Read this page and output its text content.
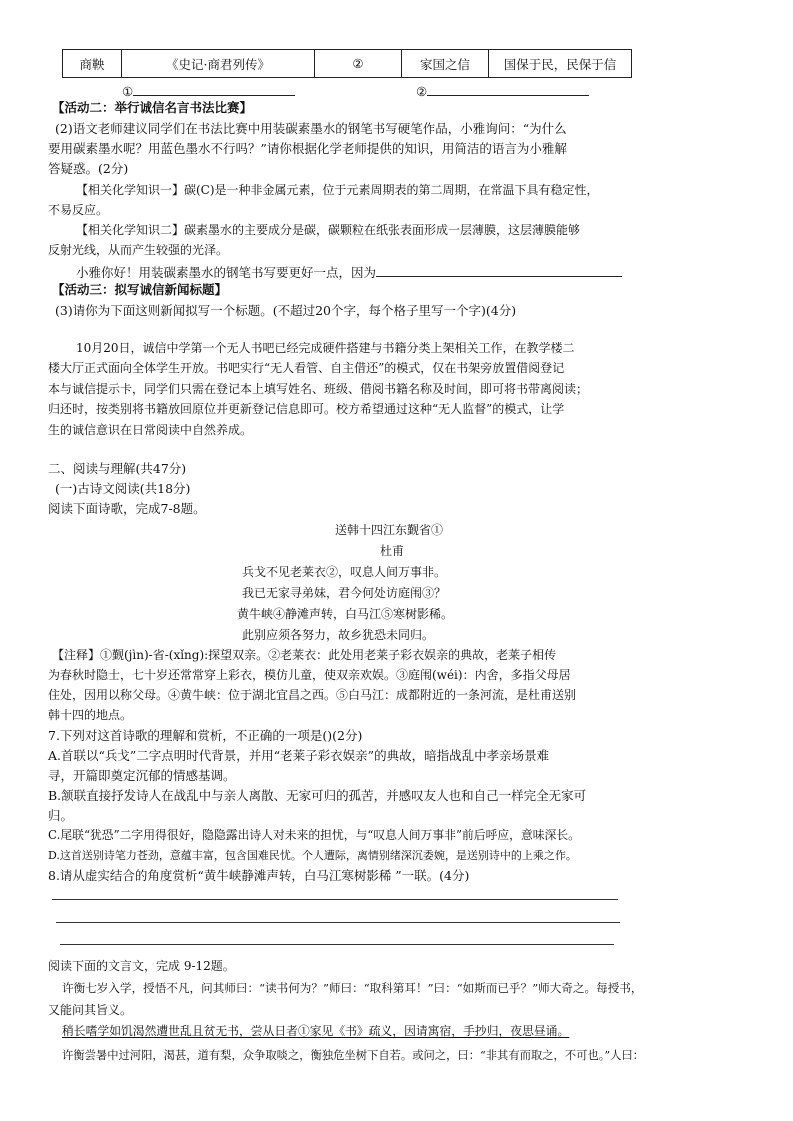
商鞅	《史记·商君列传》	②	家国之信	国保于民，民保于信
①	②
【活动二：举行诚信名言书法比赛】
(2)语文老师建议同学们在书法比赛中用装碳素墨水的钢笔书写硬笔作品，小雅询问：“为什么
要用碳素墨水呢？用蓝色墨水不行吗？”请你根据化学老师提供的知识，用简洁的语言为小雅解
答疑惑。(2分)
【相关化学知识一】碳(C)是一种非金属元素，位于元素周期表的第二周期，在常温下具有稳定性，
不易反应。
【相关化学知识二】碳素墨水的主要成分是碳，碳颗粒在纸张表面形成一层薄膜，这层薄膜能够
反射光线，从而产生较强的光泽。
小雅你好！用装碳素墨水的钢笔书写要更好一点，因为
【活动三：拟写诚信新闻标题】
(3)请你为下面这则新闻拟写一个标题。(不超过20个字，每个格子里写一个字)(4分)
10月20日，诚信中学第一个无人书吧已经完成硬件搭建与书籍分类上架相关工作，在教学楼二
楼大厅正式面向全体学生开放。书吧实行“无人看管、自主借还”的模式，仅在书架旁放置借阅登记
本与诚信提示卡，同学们只需在登记本上填写姓名、班级、借阅书籍名称及时间，即可将书带离阅读；
归还时，按类别将书籍放回原位并更新登记信息即可。校方希望通过这种“无人监督”的模式，让学
生的诚信意识在日常阅读中自然养成。
二、阅读与理解(共47分)
(一)古诗文阅读(共18分)
阅读下面诗歌，完成7-8题。
送韩十四江东觐省①
杜甫
兵戈不见老莱衣②，叹息人间万事非。
我已无家寻弟妹，君今何处访庭闱③？
黄牛峡④静滩声转，白马江⑤寒树影稀。
此别应须各努力，故乡犹恐未同归。
【注释】①觐(jìn)-省-(xǐng):探望双亲。②老莱衣：此处用老莱子彩衣娱亲的典故，老莱子相传
为春秋时隐士，七十岁还常常穿上彩衣，模仿儿童，使双亲欢娱。③庭闱(wéi)：内舍，多指父母居
住处，因用以称父母。④黄牛峡：位于湖北宜昌之西。⑤白马江：成都附近的一条河流，是杜甫送别
韩十四的地点。
7.下列对这首诗歌的理解和赏析，不正确的一项是()(2分)
A.首联以“兵戈”二字点明时代背景，并用“老莱子彩衣娱亲”的典故，暗指战乱中孝亲场景难
寻，开篇即奠定沉郁的情感基调。
B.颔联直接抒发诗人在战乱中与亲人离散、无家可归的孤苦，并感叹友人也和自己一样完全无家可
归。
C.尾联“犹恐”二字用得很好，隐隐露出诗人对未来的担忧，与“叹息人间万事非”前后呼应，意味深长。
D.这首送别诗笔力苍劲，意蕴丰富，包含国难民忧。个人遭际，离情别绪深沉委婉，是送别诗中的上乘之作。
8.请从虚实结合的角度赏析“黄牛峡静滩声转，白马江寒树影稀 ”一联。(4分)
阅读下面的文言文，完成 9-12题。
许衡七岁入学，授悟不凡，问其师曰：“读书何为？”师曰：“取科第耳！”曰：“如斯而已乎？”师大奇之。每授书，
又能问其旨义。
稍长嗜学如饥渴然遭世乱且贫无书，尝从日者①家见《书》疏义，因请寓宿，手抄归，夜思昼诵。
许衡尝暑中过河阳，渴甚，道有梨，众争取啖之，衡独危坐树下自若。或问之，曰：“非其有而取之，不可也。”人曰：
